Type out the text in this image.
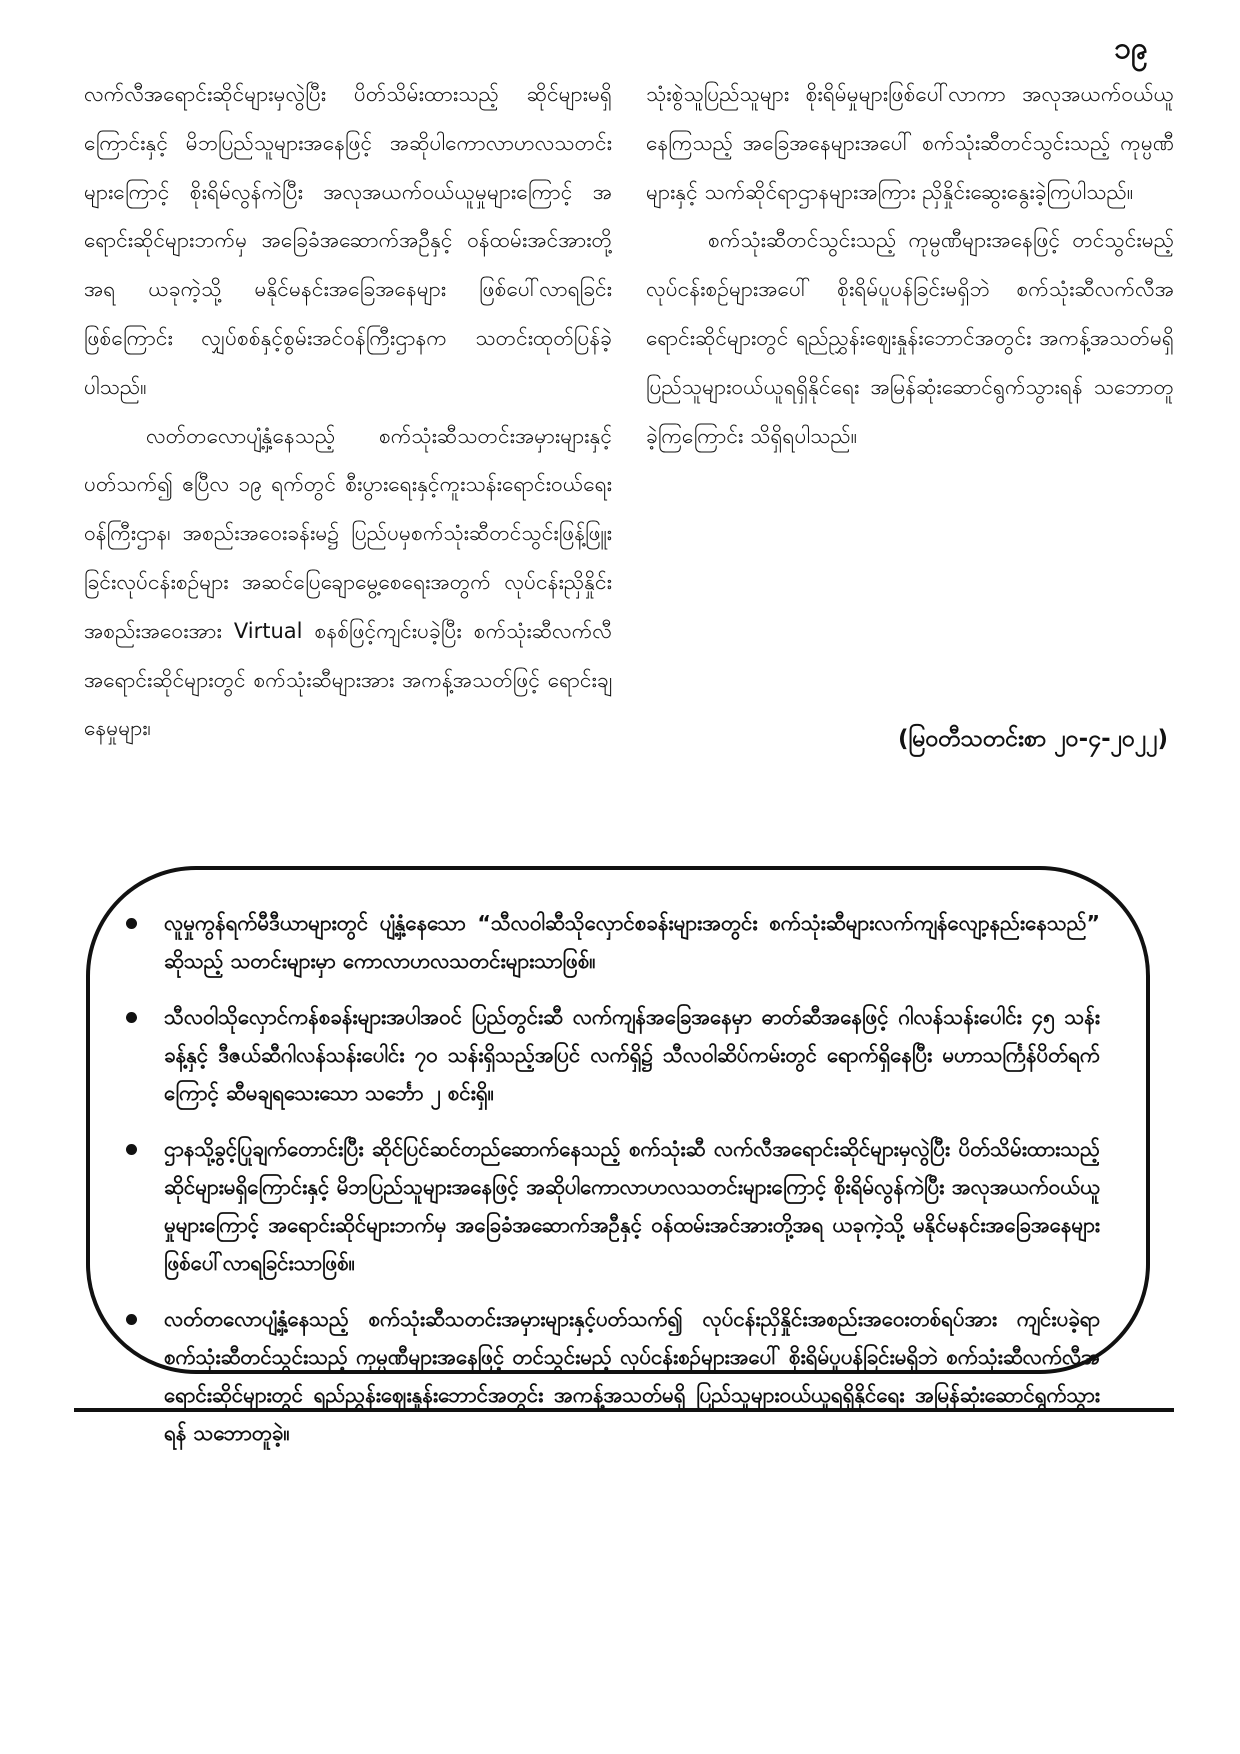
၁၉

လက်လီအရောင်းဆိုင်များမှလွဲပြီး ပိတ်သိမ်းထားသည့် ဆိုင်များမရှိကြောင်းနှင့် မိဘပြည်သူများအနေဖြင့် အဆိုပါကောလာဟလသတင်းများကြောင့် စိုးရိမ်လွန်ကဲပြီး အလုအယက်ဝယ်ယူမှုများကြောင့် အရောင်းဆိုင်များဘက်မှ အခြေခံအဆောက်အဦနှင့် ဝန်ထမ်းအင်အားတို့အရ ယခုကဲ့သို့ မနိုင်မနင်းအခြေအနေများ ဖြစ်ပေါ်လာရခြင်းဖြစ်ကြောင်း လျှပ်စစ်နှင့်စွမ်းအင်ဝန်ကြီးဌာနက သတင်းထုတ်ပြန်ခဲ့ပါသည်။

လတ်တလောပျံ့နှံ့နေသည့် စက်သုံးဆီသတင်းအမှားများနှင့်ပတ်သက်၍ ဧပြီလ ၁၉ ရက်တွင် စီးပွားရေးနှင့်ကူးသန်းရောင်းဝယ်ရေးဝန်ကြီးဌာန၊ အစည်းအဝေးခန်းမ၌ ပြည်ပမှစက်သုံးဆီတင်သွင်းဖြန့်ဖြူးခြင်းလုပ်ငန်းစဉ်များ အဆင်ပြေချောမွေ့စေရေးအတွက် လုပ်ငန်းညှိနှိုင်းအစည်းအဝေးအား Virtual စနစ်ဖြင့်ကျင်းပခဲ့ပြီး စက်သုံးဆီလက်လီအရောင်းဆိုင်များတွင် စက်သုံးဆီများအား အကန့်အသတ်ဖြင့် ရောင်းချနေမှုများ၊

သုံးစွဲသူပြည်သူများ စိုးရိမ်မှုများဖြစ်ပေါ်လာကာ အလုအယက်ဝယ်ယူနေကြသည့် အခြေအနေများအပေါ် စက်သုံးဆီတင်သွင်းသည့် ကုမ္ပဏီများနှင့် သက်ဆိုင်ရာဌာနများအကြား ညှိနှိုင်းဆွေးနွေးခဲ့ကြပါသည်။

စက်သုံးဆီတင်သွင်းသည့် ကုမ္ပဏီများအနေဖြင့် တင်သွင်းမည့် လုပ်ငန်းစဉ်များအပေါ် စိုးရိမ်ပူပန်ခြင်းမရှိဘဲ စက်သုံးဆီလက်လီအရောင်းဆိုင်များတွင် ရည်ညွှန်းဈေးနှုန်းဘောင်အတွင်း အကန့်အသတ်မရှိ ပြည်သူများဝယ်ယူရရှိနိုင်ရေး အမြန်ဆုံးဆောင်ရွက်သွားရန် သဘောတူခဲ့ကြကြောင်း သိရှိရပါသည်။

(မြဝတီသတင်းစာ ၂၀-၄-၂၀၂၂)
လူမှုကွန်ရက်မီဒီယာများတွင် ပျံ့နှံ့နေသော “သီလဝါဆီသိုလှောင်စခန်းများအတွင်း စက်သုံးဆီများလက်ကျန်လျော့နည်းနေသည်” ဆိုသည့် သတင်းများမှာ ကောလာဟလသတင်းများသာဖြစ်။
သီလဝါသိုလှောင်ကန်စခန်းများအပါအဝင် ပြည်တွင်းဆီ လက်ကျန်အခြေအနေမှာ ဓာတ်ဆီအနေဖြင့် ဂါလန်သန်းပေါင်း ၄၅ သန်းခန့်နှင့် ဒီဇယ်ဆီဂါလန်သန်းပေါင်း ၇၀ သန်းရှိသည့်အပြင် လက်ရှိ၌ သီလဝါဆိပ်ကမ်းတွင် ရောက်ရှိနေပြီး မဟာသင်္ကြန်ပိတ်ရက်ကြောင့် ဆီမချရသေးသော သင်္ဘော ၂ စင်းရှိ။
ဌာနသို့ခွင့်ပြုချက်တောင်းပြီး ဆိုင်ပြင်ဆင်တည်ဆောက်နေသည့် စက်သုံးဆီ လက်လီအရောင်းဆိုင်များမှလွဲပြီး ပိတ်သိမ်းထားသည့် ဆိုင်များမရှိကြောင်းနှင့် မိဘပြည်သူများအနေဖြင့် အဆိုပါကောလာဟလသတင်းများကြောင့် စိုးရိမ်လွန်ကဲပြီး အလုအယက်ဝယ်ယူမှုများကြောင့် အရောင်းဆိုင်များဘက်မှ အခြေခံအဆောက်အဦနှင့် ဝန်ထမ်းအင်အားတို့အရ ယခုကဲ့သို့ မနိုင်မနင်းအခြေအနေများ ဖြစ်ပေါ်လာရခြင်းသာဖြစ်။
လတ်တလောပျံ့နှံ့နေသည့် စက်သုံးဆီသတင်းအမှားများနှင့်ပတ်သက်၍ လုပ်ငန်းညှိနှိုင်းအစည်းအဝေးတစ်ရပ်အား ကျင်းပခဲ့ရာ စက်သုံးဆီတင်သွင်းသည့် ကုမ္ပဏီများအနေဖြင့် တင်သွင်းမည့် လုပ်ငန်းစဉ်များအပေါ် စိုးရိမ်ပူပန်ခြင်းမရှိဘဲ စက်သုံးဆီလက်လီအရောင်းဆိုင်များတွင် ရည်ညွှန်းဈေးနှုန်းဘောင်အတွင်း အကန့်အသတ်မရှိ ပြည်သူများဝယ်ယူရရှိနိုင်ရေး အမြန်ဆုံးဆောင်ရွက်သွားရန် သဘောတူခဲ့။
